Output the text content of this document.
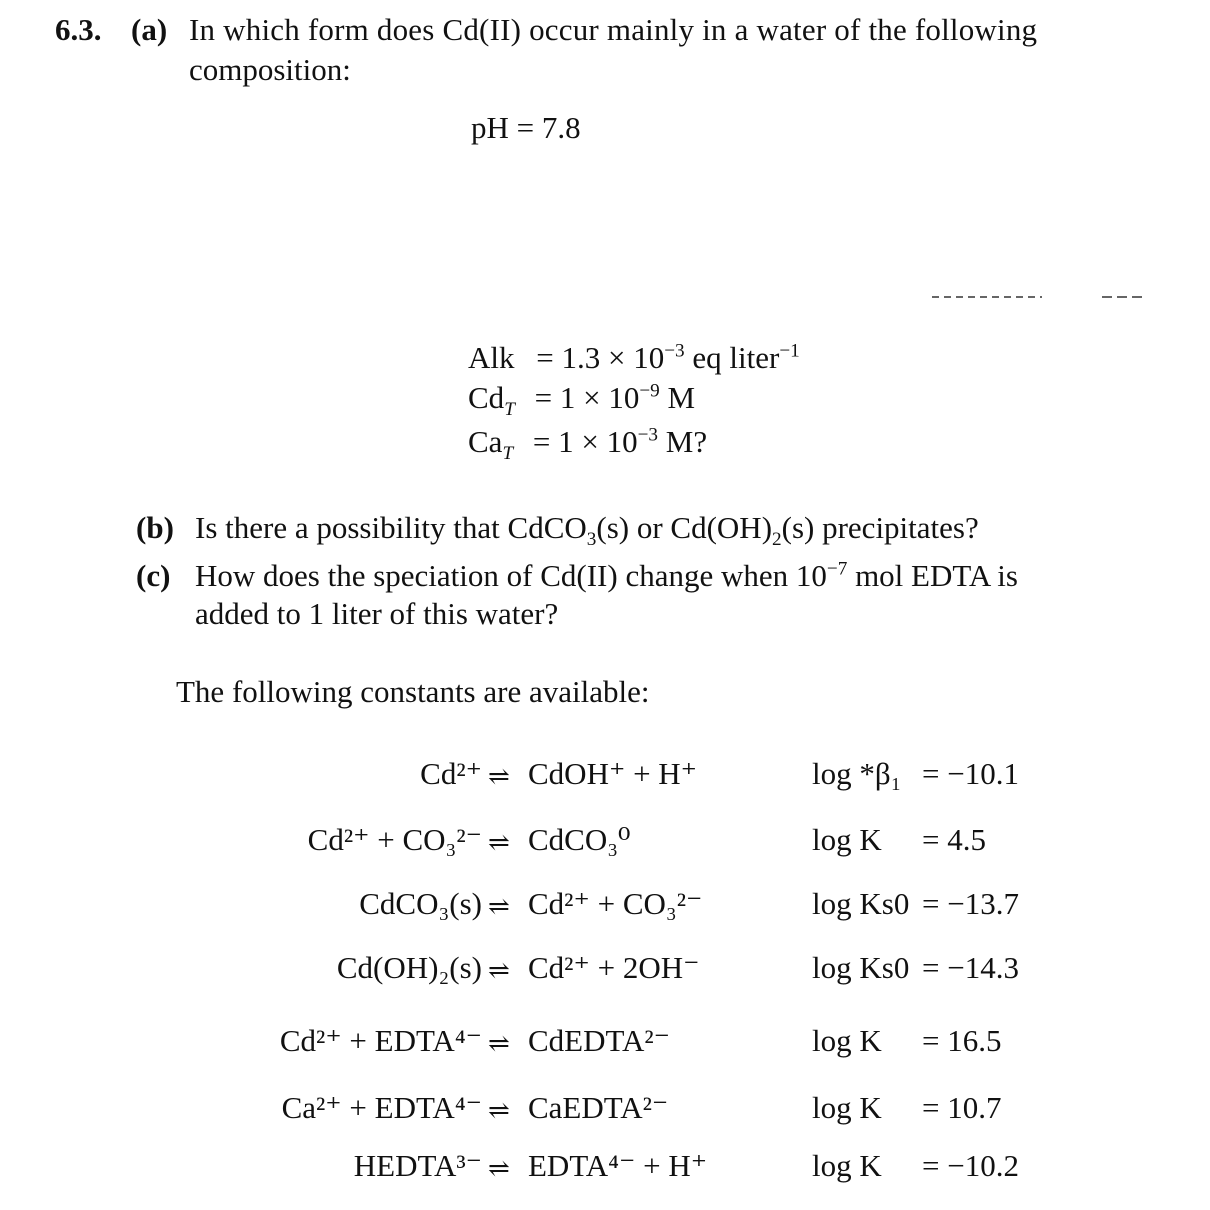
6.3. (a) In which form does Cd(II) occur mainly in a water of the following
composition:
pH = 7.8
Alk = $1.3 \times 10^{-3}$ eq liter$^{-1}$
$Cd_T = 1 \times 10^{-9}$ M
$Ca_T = 1 \times 10^{-3}$ M?
(b) Is there a possibility that CdCO$_3$(s) or $Cd(OH)_2(s)$ precipitates?
(c) How does the speciation of Cd(II) change when $10^{-7}$ mol EDTA is
added to 1 liter of this water?
The following constants are available:
Cd²⁺ ⇌ CdOH⁺ + H⁺	log *β₁ = −10.1
Cd²⁺ + CO₃²⁻ ⇌ CdCO₃⁰	log K = 4.5
CdCO₃(s) ⇌ Cd²⁺ + CO₃²⁻	log Ks0 = −13.7
Cd(OH)₂(s) ⇌ Cd²⁺ + 2OH⁻	log Ks0 = −14.3
Cd²⁺ + EDTA⁴⁻ ⇌ CdEDTA²⁻	log K = 16.5
Ca²⁺ + EDTA⁴⁻ ⇌ CaEDTA²⁻	log K = 10.7
HEDTA³⁻ ⇌ EDTA⁴⁻ + H⁺	log K = −10.2
